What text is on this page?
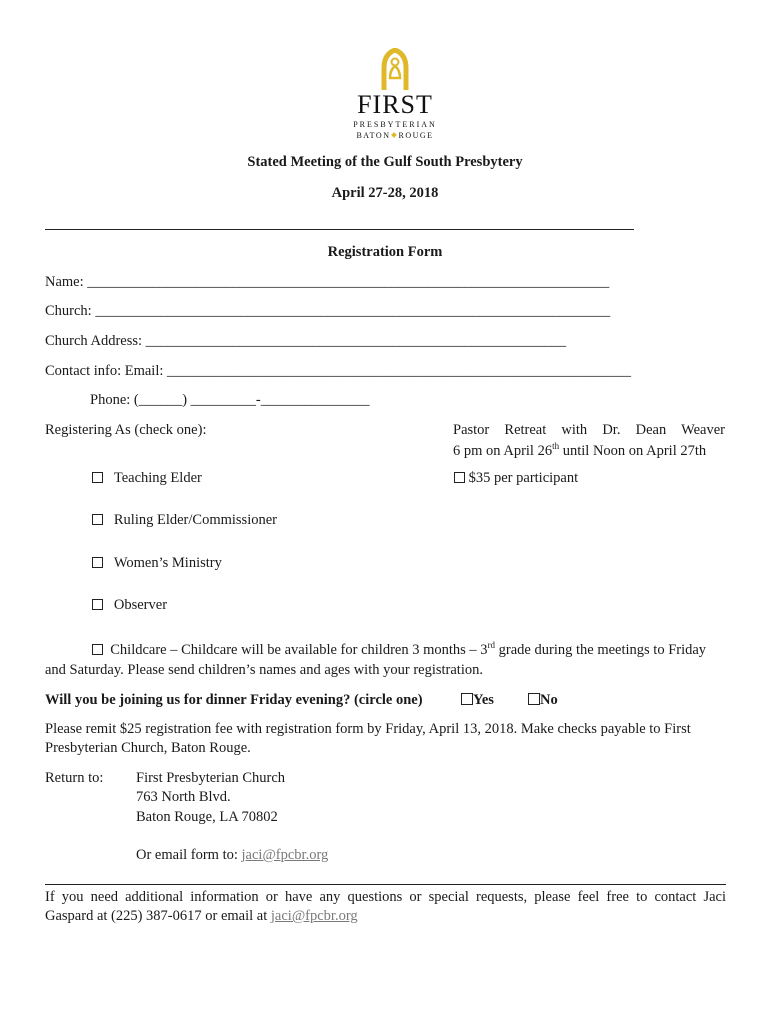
FIRST
PRESBYTERIAN
BATON ROUGE
Stated Meeting of the Gulf South Presbytery
April 27-28, 2018
Registration Form
Name: ________________________________________________________________________
Church: _______________________________________________________________________
Church Address: __________________________________________________________
Contact info: Email: ________________________________________________________________
Phone: (______) _________-_______________
Registering As (check one):
Teaching Elder
Ruling Elder/Commissioner
Women’s Ministry
Observer
Pastor Retreat with Dr. Dean Weaver
6 pm on April 26th until Noon on April 27th
$35 per participant
Childcare – Childcare will be available for children 3 months – 3rd grade during the meetings to Friday
and Saturday. Please send children’s names and ages with your registration.
Will you be joining us for dinner Friday evening? (circle one)	Yes	No
Please remit $25 registration fee with registration form by Friday, April 13, 2018. Make checks payable to First
Presbyterian Church, Baton Rouge.
Return to: First Presbyterian Church
763 North Blvd.
Baton Rouge, LA 70802
Or email form to: jaci@fpcbr.org
If you need additional information or have any questions or special requests, please feel free to contact Jaci
Gaspard at (225) 387-0617 or email at jaci@fpcbr.org
